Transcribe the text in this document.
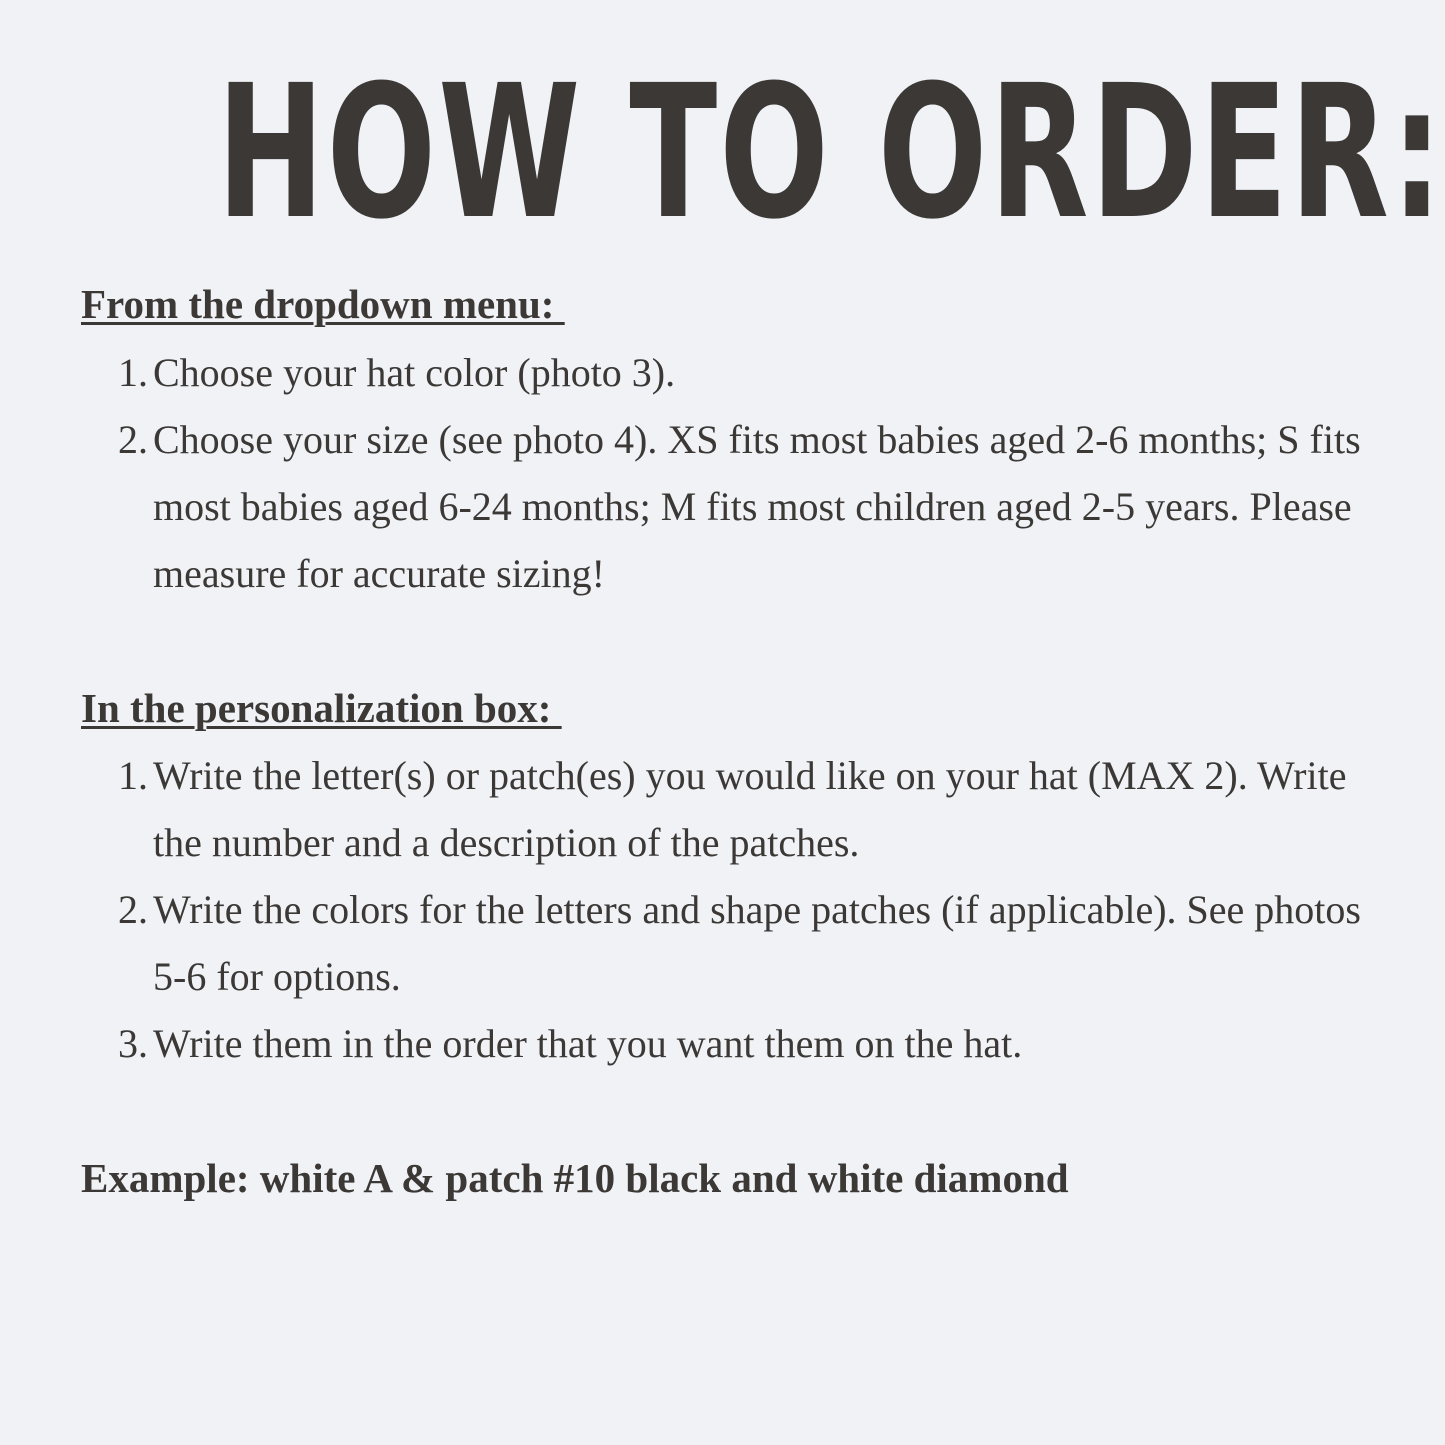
HOW TO ORDER:
From the dropdown menu:
1. Choose your hat color (photo 3).
2. Choose your size (see photo 4). XS fits most babies aged 2-6 months; S fits most babies aged 6-24 months; M fits most children aged 2-5 years. Please measure for accurate sizing!
In the personalization box:
1. Write the letter(s) or patch(es) you would like on your hat (MAX 2). Write the number and a description of the patches.
2. Write the colors for the letters and shape patches (if applicable). See photos 5-6 for options.
3. Write them in the order that you want them on the hat.
Example: white A & patch #10 black and white diamond
